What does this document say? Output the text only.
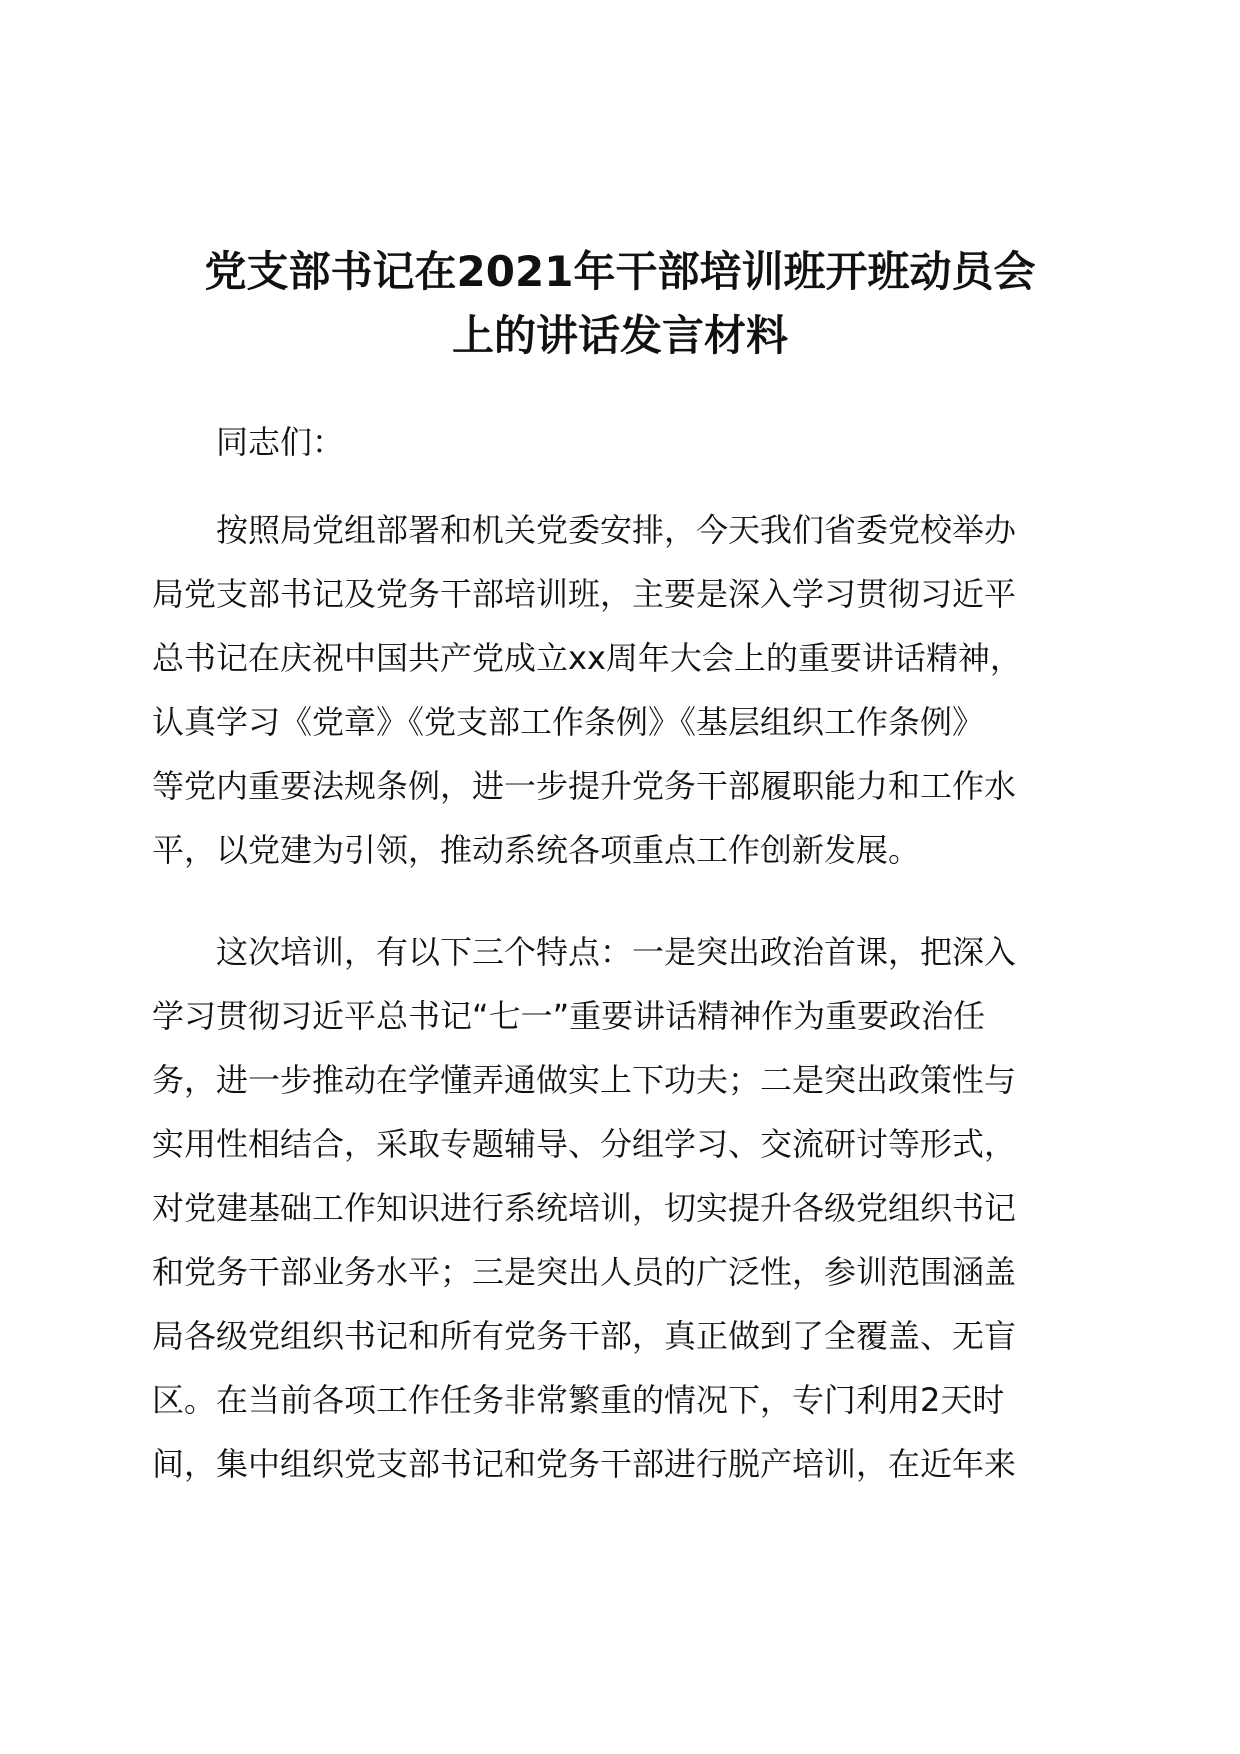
党支部书记在2021年干部培训班开班动员会
上的讲话发言材料

同志们：

按照局党组部署和机关党委安排，今天我们省委党校举办
局党支部书记及党务干部培训班，主要是深入学习贯彻习近平
总书记在庆祝中国共产党成立xx周年大会上的重要讲话精神，
认真学习《党章》《党支部工作条例》《基层组织工作条例》
等党内重要法规条例，进一步提升党务干部履职能力和工作水
平，以党建为引领，推动系统各项重点工作创新发展。
这次培训，有以下三个特点：一是突出政治首课，把深入
学习贯彻习近平总书记“七一”重要讲话精神作为重要政治任
务，进一步推动在学懂弄通做实上下功夫；二是突出政策性与
实用性相结合，采取专题辅导、分组学习、交流研讨等形式，
对党建基础工作知识进行系统培训，切实提升各级党组织书记
和党务干部业务水平；三是突出人员的广泛性，参训范围涵盖
局各级党组织书记和所有党务干部，真正做到了全覆盖、无盲
区。在当前各项工作任务非常繁重的情况下，专门利用2天时
间，集中组织党支部书记和党务干部进行脱产培训，在近年来
